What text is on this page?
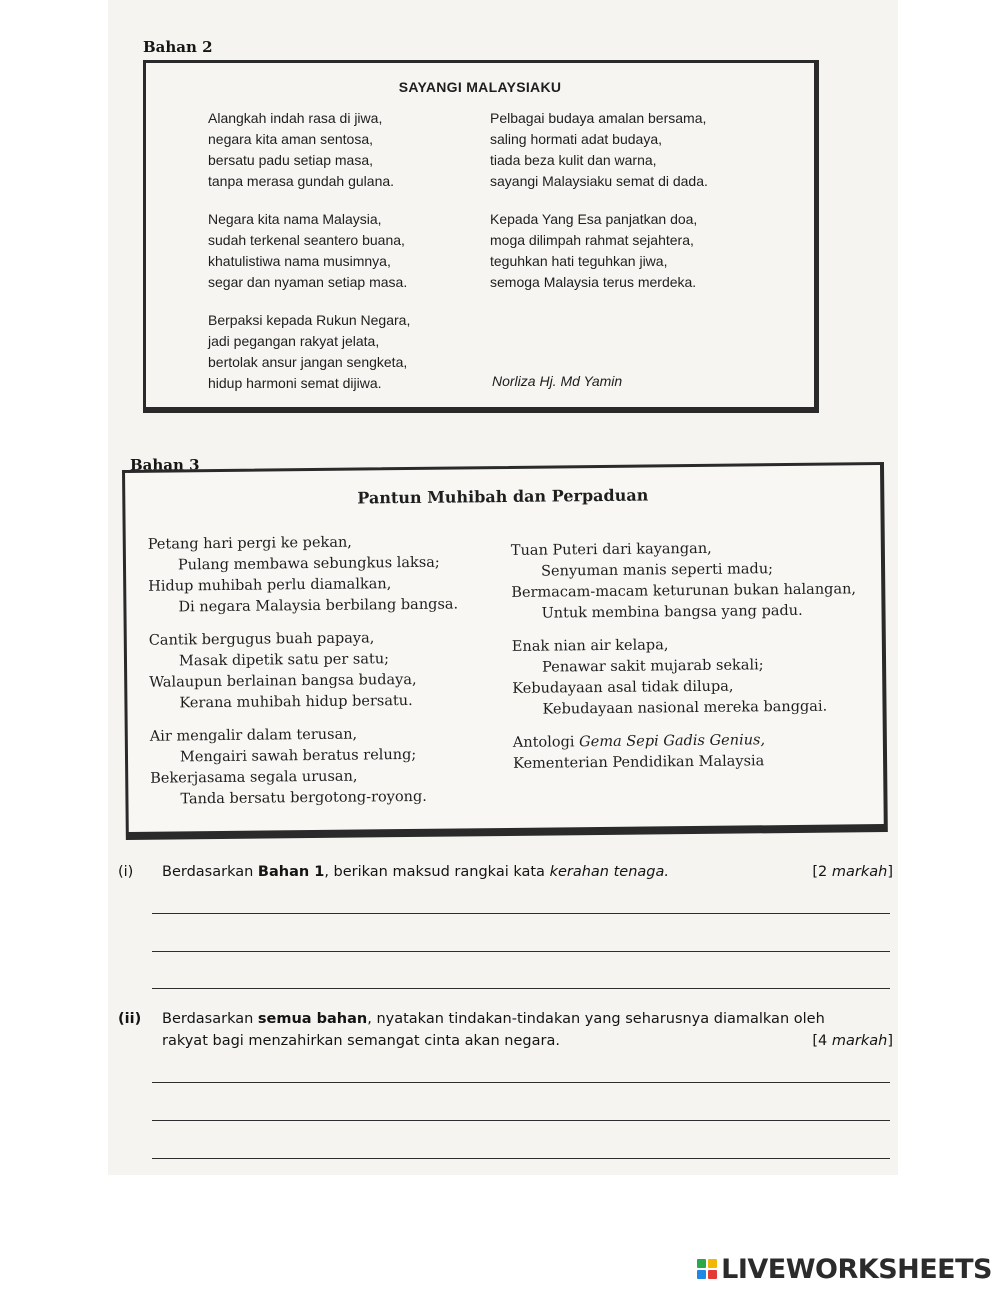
Bahan 2
SAYANGI MALAYSIAKU
Alangkah indah rasa di jiwa,
negara kita aman sentosa,
bersatu padu setiap masa,
tanpa merasa gundah gulana.
Negara kita nama Malaysia,
sudah terkenal seantero buana,
khatulistiwa nama musimnya,
segar dan nyaman setiap masa.
Berpaksi kepada Rukun Negara,
jadi pegangan rakyat jelata,
bertolak ansur jangan sengketa,
hidup harmoni semat dijiwa.
Pelbagai budaya amalan bersama,
saling hormati adat budaya,
tiada beza kulit dan warna,
sayangi Malaysiaku semat di dada.
Kepada Yang Esa panjatkan doa,
moga dilimpah rahmat sejahtera,
teguhkan hati teguhkan jiwa,
semoga Malaysia terus merdeka.
Norliza Hj. Md Yamin
Bahan 3
Pantun Muhibah dan Perpaduan
Petang hari pergi ke pekan,
Pulang membawa sebungkus laksa;
Hidup muhibah perlu diamalkan,
Di negara Malaysia berbilang bangsa.
Cantik bergugus buah papaya,
Masak dipetik satu per satu;
Walaupun berlainan bangsa budaya,
Kerana muhibah hidup bersatu.
Air mengalir dalam terusan,
Mengairi sawah beratus relung;
Bekerjasama segala urusan,
Tanda bersatu bergotong-royong.
Tuan Puteri dari kayangan,
Senyuman manis seperti madu;
Bermacam-macam keturunan bukan halangan,
Untuk membina bangsa yang padu.
Enak nian air kelapa,
Penawar sakit mujarab sekali;
Kebudayaan asal tidak dilupa,
Kebudayaan nasional mereka banggai.
Antologi Gema Sepi Gadis Genius,
Kementerian Pendidikan Malaysia
(i) Berdasarkan Bahan 1, berikan maksud rangkai kata kerahan tenaga.	[2 markah]
(ii) Berdasarkan semua bahan, nyatakan tindakan-tindakan yang seharusnya diamalkan oleh
rakyat bagi menzahirkan semangat cinta akan negara.	[4 markah]
LIVEWORKSHEETS
